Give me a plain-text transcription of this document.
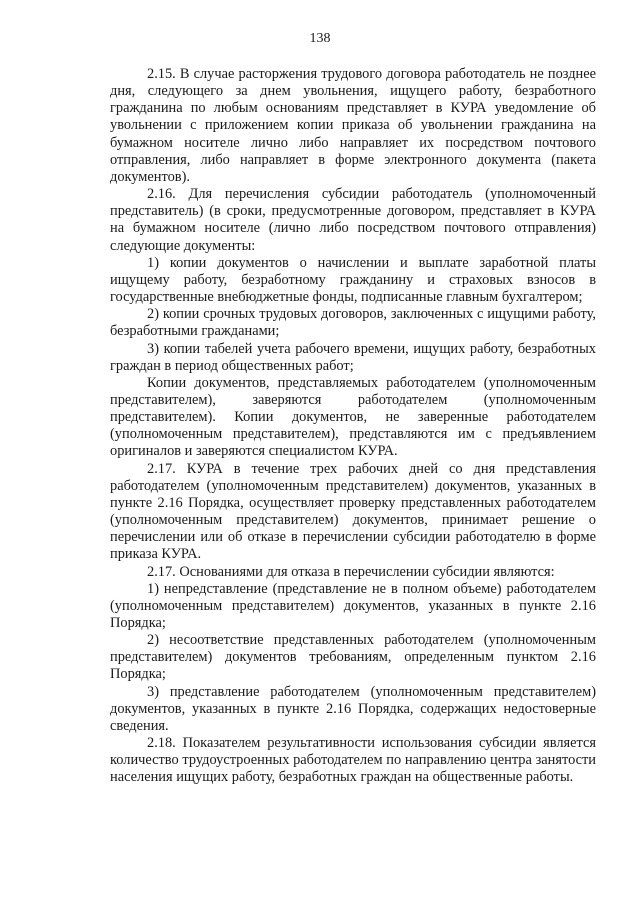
138

2.15. В случае расторжения трудового договора работодатель не позднее дня, следующего за днем увольнения, ищущего работу, безработного гражданина по любым основаниям представляет в КУРА уведомление об увольнении с приложением копии приказа об увольнении гражданина на бумажном носителе лично либо направляет их посредством почтового отправления, либо направляет в форме электронного документа (пакета документов).

2.16. Для перечисления субсидии работодатель (уполномоченный представитель) (в сроки, предусмотренные договором, представляет в КУРА на бумажном носителе (лично либо посредством почтового отправления) следующие документы:

1) копии документов о начислении и выплате заработной платы ищущему работу, безработному гражданину и страховых взносов в государственные внебюджетные фонды, подписанные главным бухгалтером;

2) копии срочных трудовых договоров, заключенных с ищущими работу, безработными гражданами;

3) копии табелей учета рабочего времени, ищущих работу, безработных граждан в период общественных работ;

Копии документов, представляемых работодателем (уполномоченным представителем), заверяются работодателем (уполномоченным представителем). Копии документов, не заверенные работодателем (уполномоченным представителем), представляются им с предъявлением оригиналов и заверяются специалистом КУРА.

2.17. КУРА в течение трех рабочих дней со дня представления работодателем (уполномоченным представителем) документов, указанных в пункте 2.16 Порядка, осуществляет проверку представленных работодателем (уполномоченным представителем) документов, принимает решение о перечислении или об отказе в перечислении субсидии работодателю в форме приказа КУРА.

2.17. Основаниями для отказа в перечислении субсидии являются:

1) непредставление (представление не в полном объеме) работодателем (уполномоченным представителем) документов, указанных в пункте 2.16 Порядка;

2) несоответствие представленных работодателем (уполномоченным представителем) документов требованиям, определенным пунктом 2.16 Порядка;

3) представление работодателем (уполномоченным представителем) документов, указанных в пункте 2.16 Порядка, содержащих недостоверные сведения.

2.18. Показателем результативности использования субсидии является количество трудоустроенных работодателем по направлению центра занятости населения ищущих работу, безработных граждан на общественные работы.
